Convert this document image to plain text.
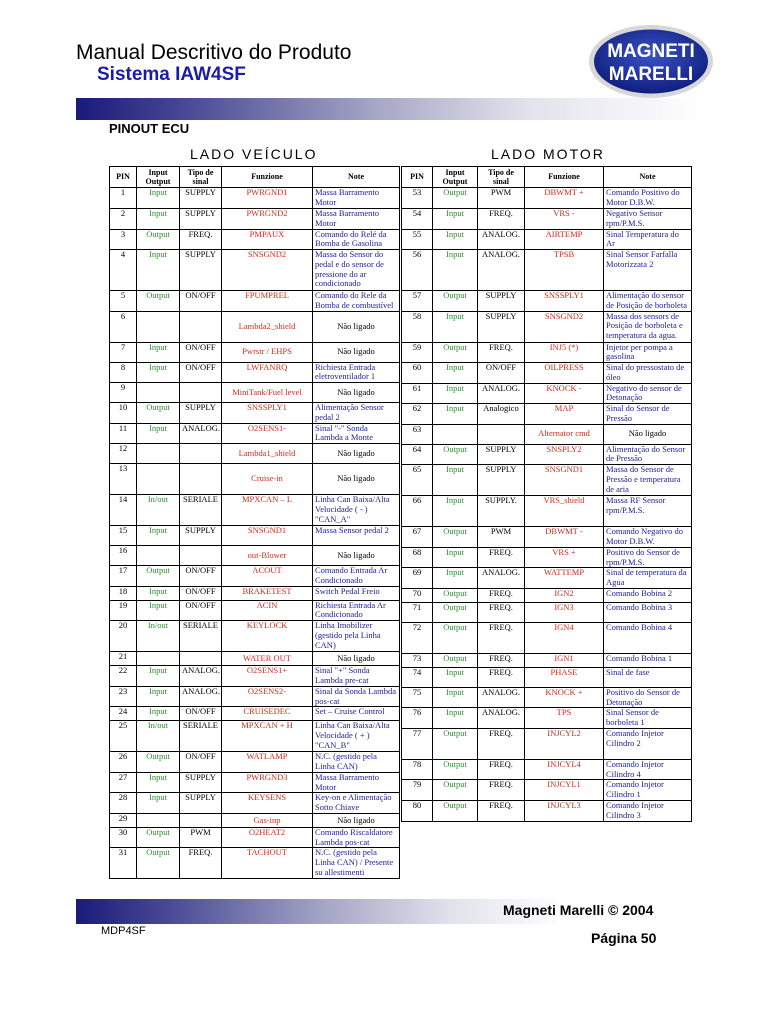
Manual Descritivo do Produto
Sistema IAW4SF
MAGNETI
MARELLI
PINOUT ECU
LADO VEÍCULO	LADO MOTOR
PIN	Input Output	Tipo de sinal	Funzione	Note
1	Input	SUPPLY	PWRGND1	Massa Barramento Motor
2	Input	SUPPLY	PWRGND2	Massa Barramento Motor
3	Output	FREQ.	PMPAUX	Comando do Relé da Bomba de Gasolina
4	Input	SUPPLY	SNSGND2	Massa do Sensor do pedal e do sensor de pressione do ar condicionado
5	Output	ON/OFF	FPUMPREL	Comando do Rele da Bomba de combustível
6			Lambda2_shield	Não ligado
7	Input	ON/OFF	Pwrstr / EHPS	Não ligado
8	Input	ON/OFF	LWFANRQ	Richiesta Entrada eletroventilador 1
9			MiniTank/Fuel level	Não ligado
10	Output	SUPPLY	SNSSPLY1	Alimentação Sensor pedal 2
11	Input	ANALOG.	O2SENS1-	Sinal "-" Sonda Lambda a Monte
12			Lambda1_shield	Não ligado
13			Cruise-in	Não ligado
14	In/out	SERIALE	MPXCAN – L	Linha Can Baixa/Alta Velocidade ( - ) "CAN_A"
15	Input	SUPPLY	SNSGND1	Massa Sensor pedal 2
16			out-Blower	Não ligado
17	Output	ON/OFF	ACOUT	Comando Entrada Ar Condicionado
18	Input	ON/OFF	BRAKETEST	Switch Pedal Freio
19	Input	ON/OFF	ACIN	Richiesta Entrada Ar Condicionado
20	In/out	SERIALE	KEYLOCK	Linha Imobilizer (gestido pela Linha CAN)
21			WATER OUT	Não ligado
22	Input	ANALOG.	O2SENS1+	Sinal "+" Sonda Lambda pre-cat
23	Input	ANALOG.	O2SENS2-	Sinal da Sonda Lambda pos-cat
24	Input	ON/OFF	CRUISEDEC	Set – Cruise Control
25	In/out	SERIALE	MPXCAN + H	Linha Can Baixa/Alta Velocidade ( + ) "CAN_B"
26	Output	ON/OFF	WATLAMP	N.C. (gestido pela Linha CAN)
27	Input	SUPPLY	PWRGND3	Massa Barramento Motor
28	Input	SUPPLY	KEYSENS	Key-on e Alimentação Sotto Chiave
29			Gas-inp	Não ligado
30	Output	PWM	O2HEAT2	Comando Riscaldatore Lambda pos-cat
31	Output	FREQ.	TACHOUT	N.C. (gestido pela Linha CAN) / Presente su allestimenti
PIN	Input Output	Tipo de sinal	Funzione	Note
53	Output	PWM	DBWMT +	Comando Positivo do Motor D.B.W.
54	Input	FREQ.	VRS -	Negativo Sensor rpm/P.M.S.
55	Input	ANALOG.	AIRTEMP	Sinal Temperatura do Ar
56	Input	ANALOG.	TPSB	Sinal Sensor Farfalla Motorizzata 2
57	Output	SUPPLY	SNSSPLY1	Alimentação do sensor de Posição de borboleta
58	Input	SUPPLY	SNSGND2	Massa dos sensors de Posição de borboleta e temperatura da agua.
59	Output	FREQ.	INJ5 (*)	Injetor per pompa a gasolina
60	Input	ON/OFF	OILPRESS	Sinal do pressostato de óleo
61	Input	ANALOG.	KNOCK -	Negativo do sensor de Detonação
62	Input	Analogico	MAP	Sinal do Sensor de Pressão
63			Alternator cmd	Não ligado
64	Output	SUPPLY	SNSPLY2	Alimentação do Sensor de Pressão
65	Input	SUPPLY	SNSGND1	Massa do Sensor de Pressão e temperatura de aria
66	Input	SUPPLY.	VRS_shield	Massa RF Sensor rpm/P.M.S.
67	Output	PWM	DBWMT -	Comando Negativo do Motor D.B.W.
68	Input	FREQ.	VRS +	Positivo do Sensor de rpm/P.M.S.
69	Input	ANALOG.	WATTEMP	Sinal de temperatura da Agua
70	Output	FREQ.	IGN2	Comando Bobina 2
71	Output	FREQ.	IGN3	Comando Bobina 3
72	Output	FREQ.	IGN4	Comando Bobina 4
73	Output	FREQ.	IGN1	Comando Bobina 1
74	Input	FREQ.	PHASE	Sinal de fase
75	Input	ANALOG.	KNOCK +	Positivo do Sensor de Detonação
76	Input	ANALOG.	TPS	Sinal Sensor de borboleta 1
77	Output	FREQ.	INJCYL2	Comando Injetor Cilindro 2
78	Output	FREQ.	INJCYL4	Comando Injetor Cilindro 4
79	Output	FREQ.	INJCYL1	Comando Injetor Cilindro 1
80	Output	FREQ.	INJCYL3	Comando Injetor Cilindro 3
Magneti Marelli © 2004
MDP4SF	Página 50
